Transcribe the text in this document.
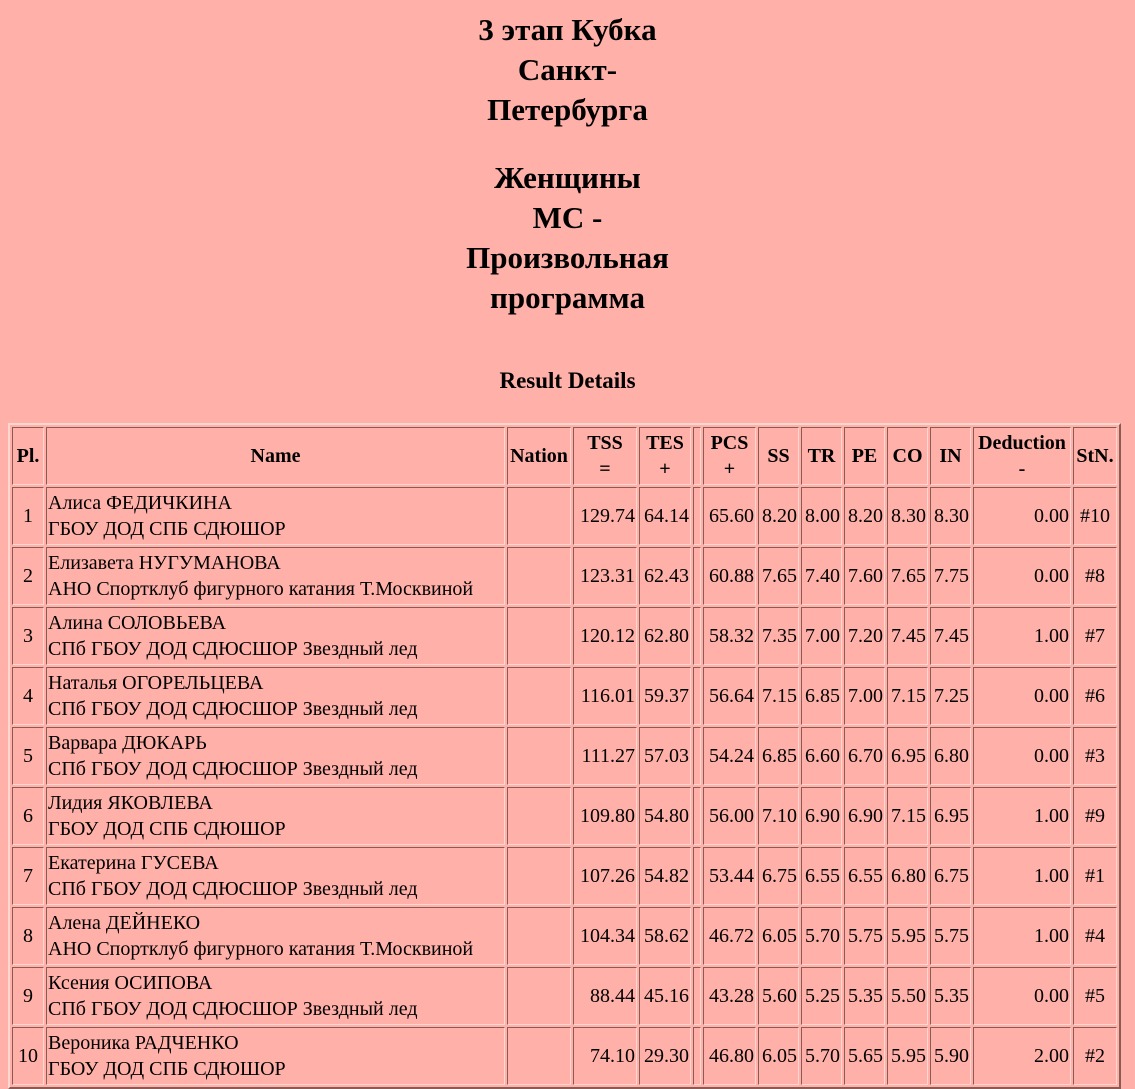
3 этап Кубка
Санкт-
Петербурга
Женщины
МС -
Произвольная
программа
Result Details
Pl.	Name	Nation	TSS
=	TES
+		PCS
+	SS	TR	PE	CO	IN	Deduction
-	StN.
1	Алиса ФЕДИЧКИНА
ГБОУ ДОД СПБ СДЮШОР		129.74	64.14		65.60	8.20	8.00	8.20	8.30	8.30	0.00	#10
2	Елизавета НУГУМАНОВА
АНО Спортклуб фигурного катания Т.Москвиной		123.31	62.43		60.88	7.65	7.40	7.60	7.65	7.75	0.00	#8
3	Алина СОЛОВЬЕВА
СПб ГБОУ ДОД СДЮСШОР Звездный лед		120.12	62.80		58.32	7.35	7.00	7.20	7.45	7.45	1.00	#7
4	Наталья ОГОРЕЛЬЦЕВА
СПб ГБОУ ДОД СДЮСШОР Звездный лед		116.01	59.37		56.64	7.15	6.85	7.00	7.15	7.25	0.00	#6
5	Варвара ДЮКАРЬ
СПб ГБОУ ДОД СДЮСШОР Звездный лед		111.27	57.03		54.24	6.85	6.60	6.70	6.95	6.80	0.00	#3
6	Лидия ЯКОВЛЕВА
ГБОУ ДОД СПБ СДЮШОР		109.80	54.80		56.00	7.10	6.90	6.90	7.15	6.95	1.00	#9
7	Екатерина ГУСЕВА
СПб ГБОУ ДОД СДЮСШОР Звездный лед		107.26	54.82		53.44	6.75	6.55	6.55	6.80	6.75	1.00	#1
8	Алена ДЕЙНЕКО
АНО Спортклуб фигурного катания Т.Москвиной		104.34	58.62		46.72	6.05	5.70	5.75	5.95	5.75	1.00	#4
9	Ксения ОСИПОВА
СПб ГБОУ ДОД СДЮСШОР Звездный лед		88.44	45.16		43.28	5.60	5.25	5.35	5.50	5.35	0.00	#5
10	Вероника РАДЧЕНКО
ГБОУ ДОД СПБ СДЮШОР		74.10	29.30		46.80	6.05	5.70	5.65	5.95	5.90	2.00	#2
